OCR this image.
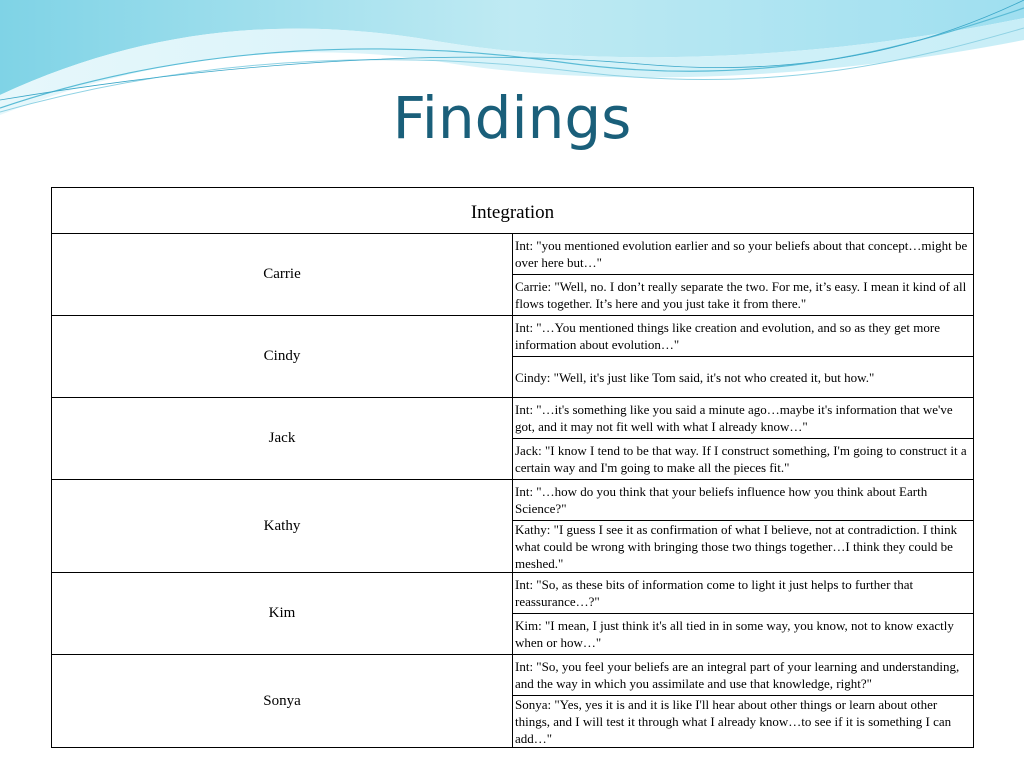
Findings
Integration	
Carrie	Int: "you mentioned evolution earlier and so your beliefs about that concept…might be over here but…"
	Carrie: "Well, no. I don’t really separate the two. For me, it’s easy. I mean it kind of all flows together. It’s here and you just take it from there."
Cindy	Int: "…You mentioned things like creation and evolution, and so as they get more information about evolution…"
	Cindy: "Well, it's just like Tom said, it's not who created it, but how."
Jack	Int: "…it's something like you said a minute ago…maybe it's information that we've got, and it may not fit well with what I already know…"
	Jack: "I know I tend to be that way. If I construct something, I'm going to construct it a certain way and I'm going to make all the pieces fit."
Kathy	Int: "…how do you think that your beliefs influence how you think about Earth Science?"
	Kathy: "I guess I see it as confirmation of what I believe, not at contradiction. I think what could be wrong with bringing those two things together…I think they could be meshed."
Kim	Int: "So, as these bits of information come to light it just helps to further that reassurance…?"
	Kim: "I mean, I just think it's all tied in in some way, you know, not to know exactly when or how…"
Sonya	Int: "So, you feel your beliefs are an integral part of your learning and understanding, and the way in which you assimilate and use that knowledge, right?"
	Sonya: "Yes, yes it is and it is like I'll hear about other things or learn about other things, and I will test it through what I already know…to see if it is something I can add…"
